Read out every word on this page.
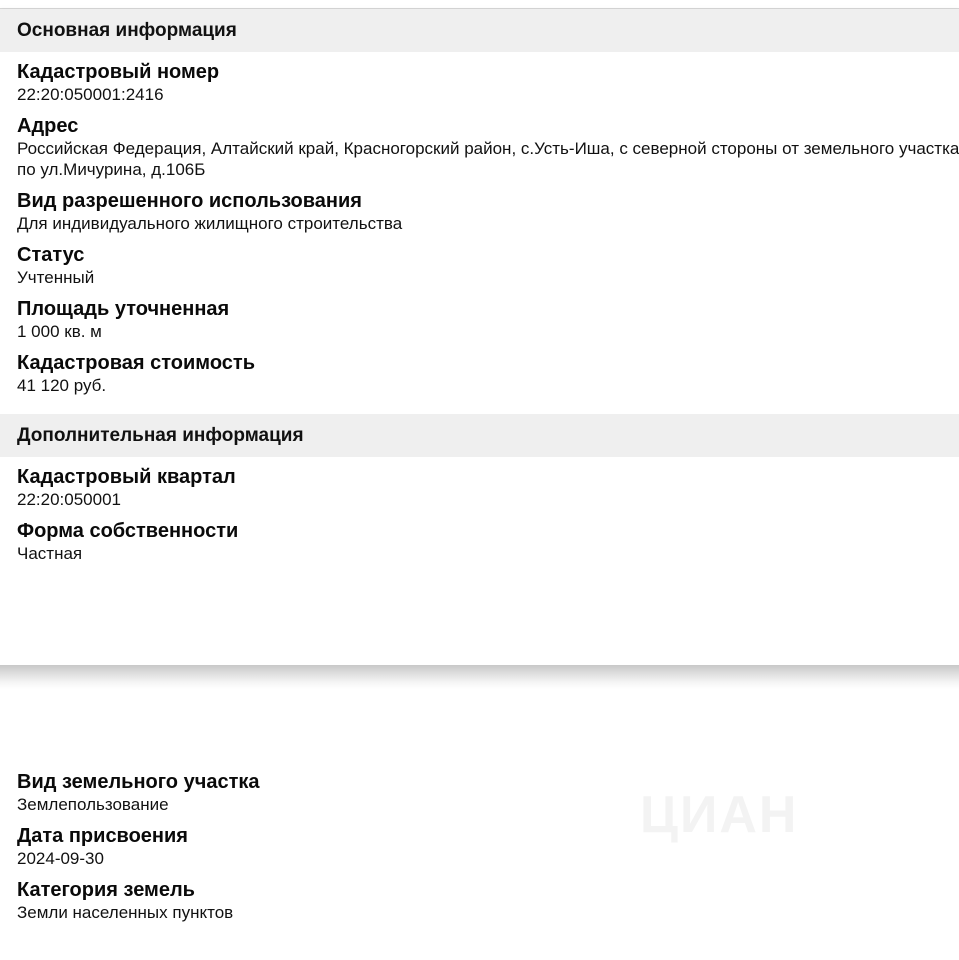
Основная информация
Кадастровый номер
22:20:050001:2416
Адрес
Российская Федерация, Алтайский край, Красногорский район, с.Усть-Иша, с северной стороны от земельного участка по ул.Мичурина, д.106Б
Вид разрешенного использования
Для индивидуального жилищного строительства
Статус
Учтенный
Площадь уточненная
1 000 кв. м
Кадастровая стоимость
41 120 руб.
Дополнительная информация
Кадастровый квартал
22:20:050001
Форма собственности
Частная
ЦИАН
Вид земельного участка
Землепользование
Дата присвоения
2024-09-30
Категория земель
Земли населенных пунктов
